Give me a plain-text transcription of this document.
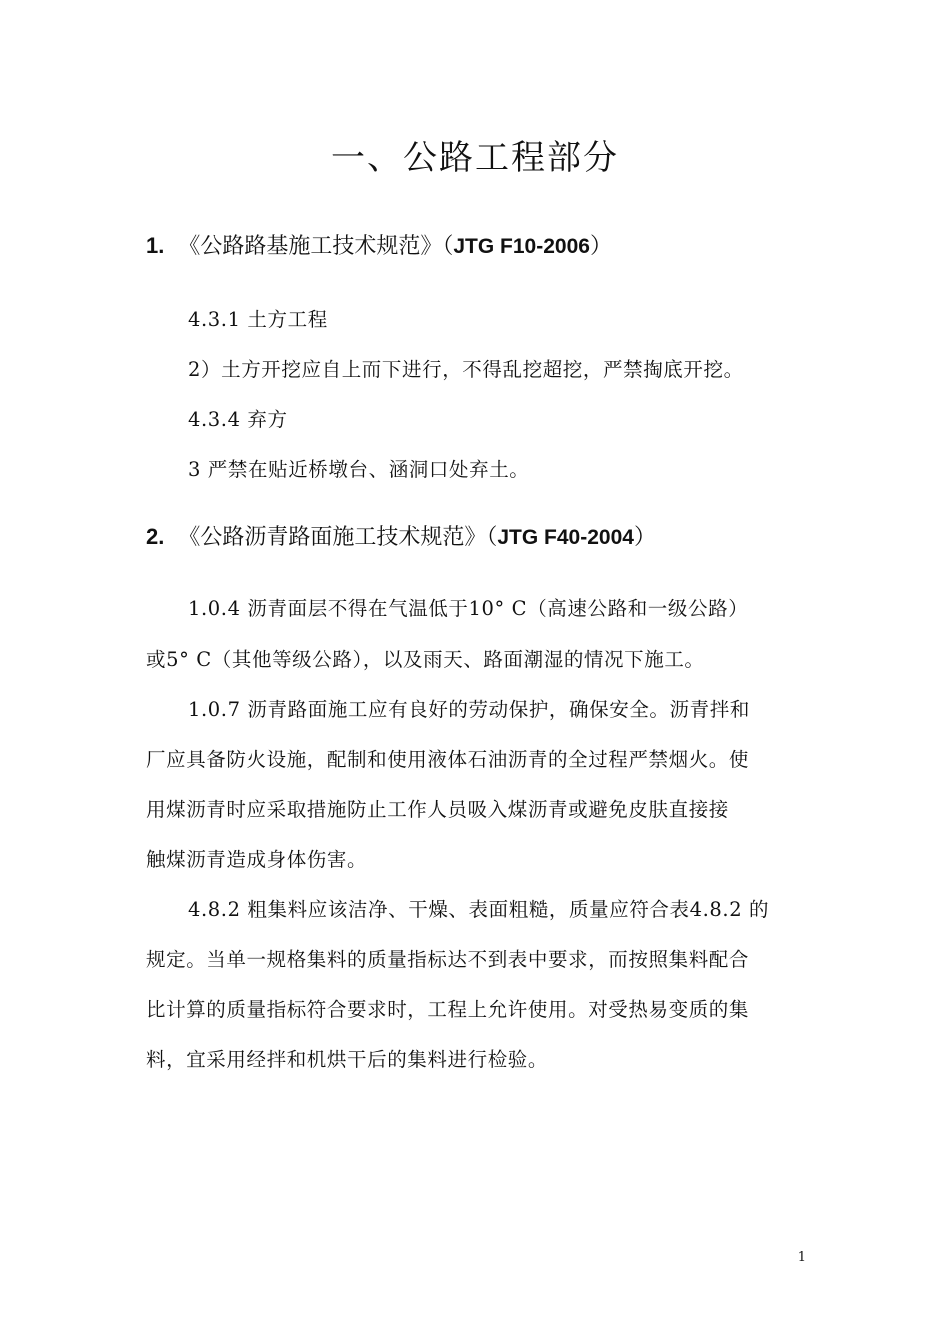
一、公路工程部分
1. 《公路路基施工技术规范》（JTG F10-2006）
4.3.1 土方工程
2）土方开挖应自上而下进行，不得乱挖超挖，严禁掏底开挖。
4.3.4 弃方
3 严禁在贴近桥墩台、涵洞口处弃土。
2. 《公路沥青路面施工技术规范》（JTG F40-2004）
1.0.4 沥青面层不得在气温低于10° C（高速公路和一级公路）
或5° C（其他等级公路），以及雨天、路面潮湿的情况下施工。
1.0.7 沥青路面施工应有良好的劳动保护，确保安全。沥青拌和
厂应具备防火设施，配制和使用液体石油沥青的全过程严禁烟火。使
用煤沥青时应采取措施防止工作人员吸入煤沥青或避免皮肤直接接
触煤沥青造成身体伤害。
4.8.2 粗集料应该洁净、干燥、表面粗糙，质量应符合表4.8.2 的
规定。当单一规格集料的质量指标达不到表中要求，而按照集料配合
比计算的质量指标符合要求时，工程上允许使用。对受热易变质的集
料，宜采用经拌和机烘干后的集料进行检验。
1
